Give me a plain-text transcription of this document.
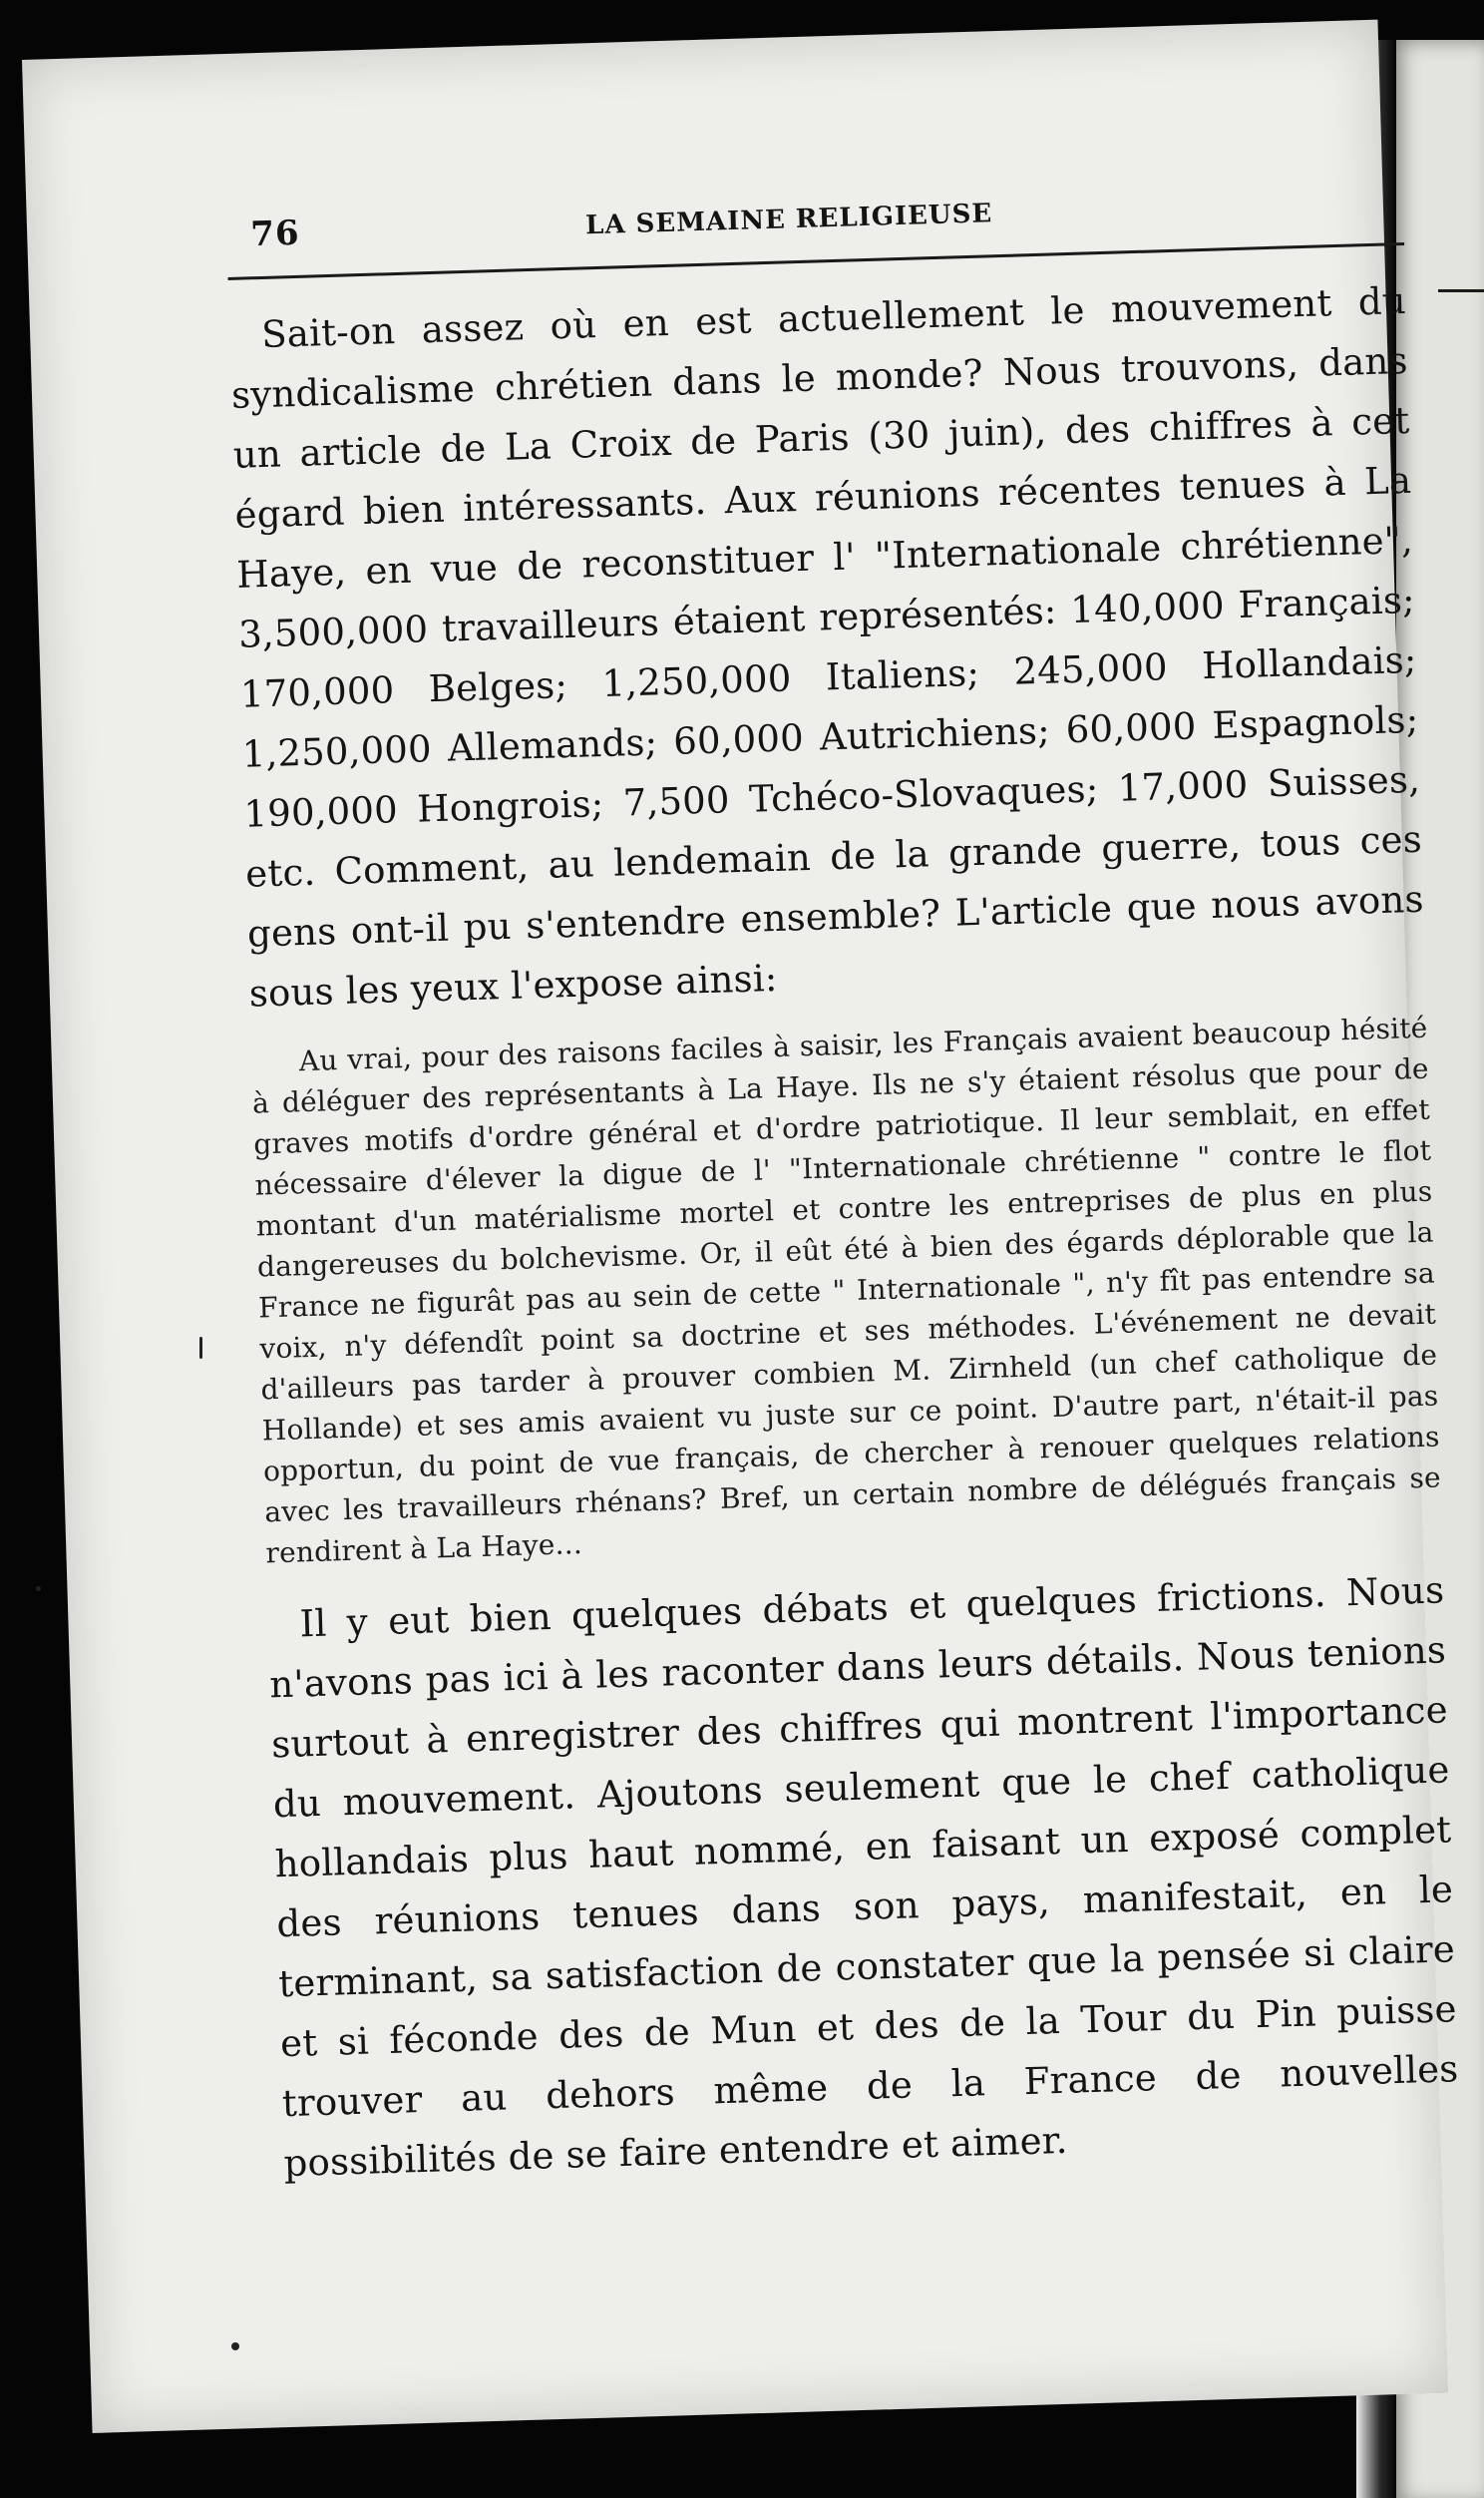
76	LA SEMAINE RELIGIEUSE

Sait-on assez où en est actuellement le mouvement du syndicalisme chrétien dans le monde? Nous trouvons, dans un article de La Croix de Paris (30 juin), des chiffres à cet égard bien intéressants. Aux réunions récentes tenues à La Haye, en vue de reconstituer l' "Internationale chrétienne", 3,500,000 travailleurs étaient représentés: 140,000 Français; 170,000 Belges; 1,250,000 Italiens; 245,000 Hollandais; 1,250,000 Allemands; 60,000 Autrichiens; 60,000 Espagnols; 190,000 Hongrois; 7,500 Tchéco-Slovaques; 17,000 Suisses, etc. Comment, au lendemain de la grande guerre, tous ces gens ont-il pu s'entendre ensemble? L'article que nous avons sous les yeux l'expose ainsi:

Au vrai, pour des raisons faciles à saisir, les Français avaient beaucoup hésité à déléguer des représentants à La Haye. Ils ne s'y étaient résolus que pour de graves motifs d'ordre général et d'ordre patriotique. Il leur semblait, en effet nécessaire d'élever la digue de l' "Internationale chrétienne " contre le flot montant d'un matérialisme mortel et contre les entreprises de plus en plus dangereuses du bolchevisme. Or, il eût été à bien des égards déplorable que la France ne figurât pas au sein de cette " Internationale ", n'y fît pas entendre sa voix, n'y défendît point sa doctrine et ses méthodes. L'événement ne devait d'ailleurs pas tarder à prouver combien M. Zirnheld (un chef catholique de Hollande) et ses amis avaient vu juste sur ce point. D'autre part, n'était-il pas opportun, du point de vue français, de chercher à renouer quelques relations avec les travailleurs rhénans? Bref, un certain nombre de délégués français se rendirent à La Haye...

Il y eut bien quelques débats et quelques frictions. Nous n'avons pas ici à les raconter dans leurs détails. Nous tenions surtout à enregistrer des chiffres qui montrent l'importance du mouvement. Ajoutons seulement que le chef catholique hollandais plus haut nommé, en faisant un exposé complet des réunions tenues dans son pays, manifestait, en le terminant, sa satisfaction de constater que la pensée si claire et si féconde des de Mun et des de la Tour du Pin puisse trouver au dehors même de la France de nouvelles possibilités de se faire entendre et aimer.
